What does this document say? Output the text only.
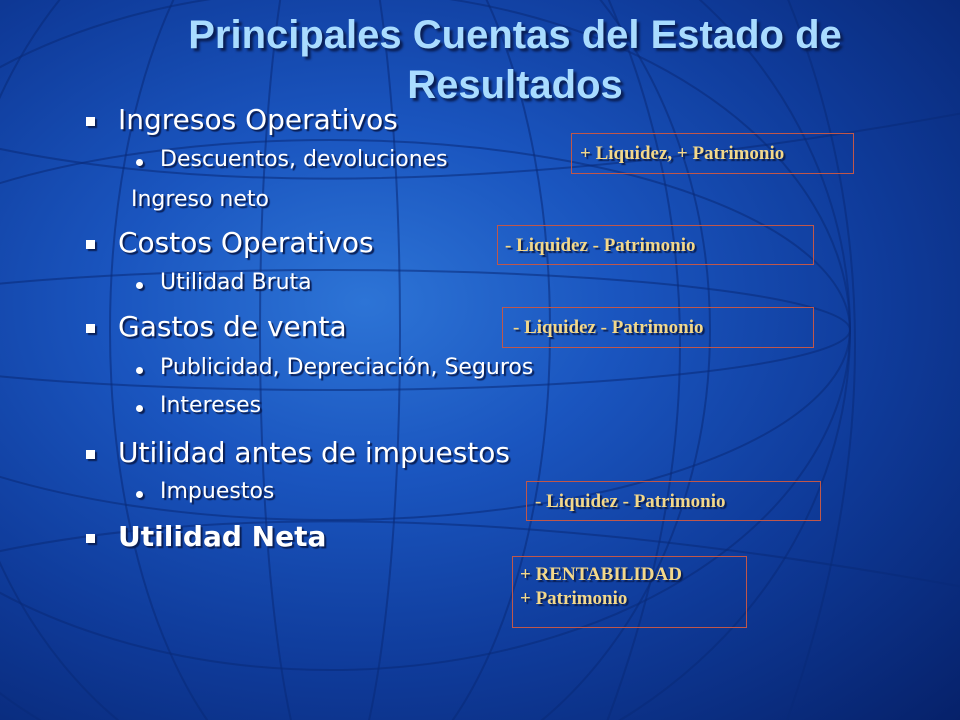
Principales Cuentas del Estado de
Resultados
Ingresos Operativos
Descuentos, devoluciones
Ingreso neto
Costos Operativos
Utilidad Bruta
Gastos de venta
Publicidad, Depreciación, Seguros
Intereses
Utilidad antes de impuestos
Impuestos
Utilidad Neta
+ Liquidez, + Patrimonio
- Liquidez - Patrimonio
- Liquidez - Patrimonio
- Liquidez - Patrimonio
+ RENTABILIDAD
+ Patrimonio
